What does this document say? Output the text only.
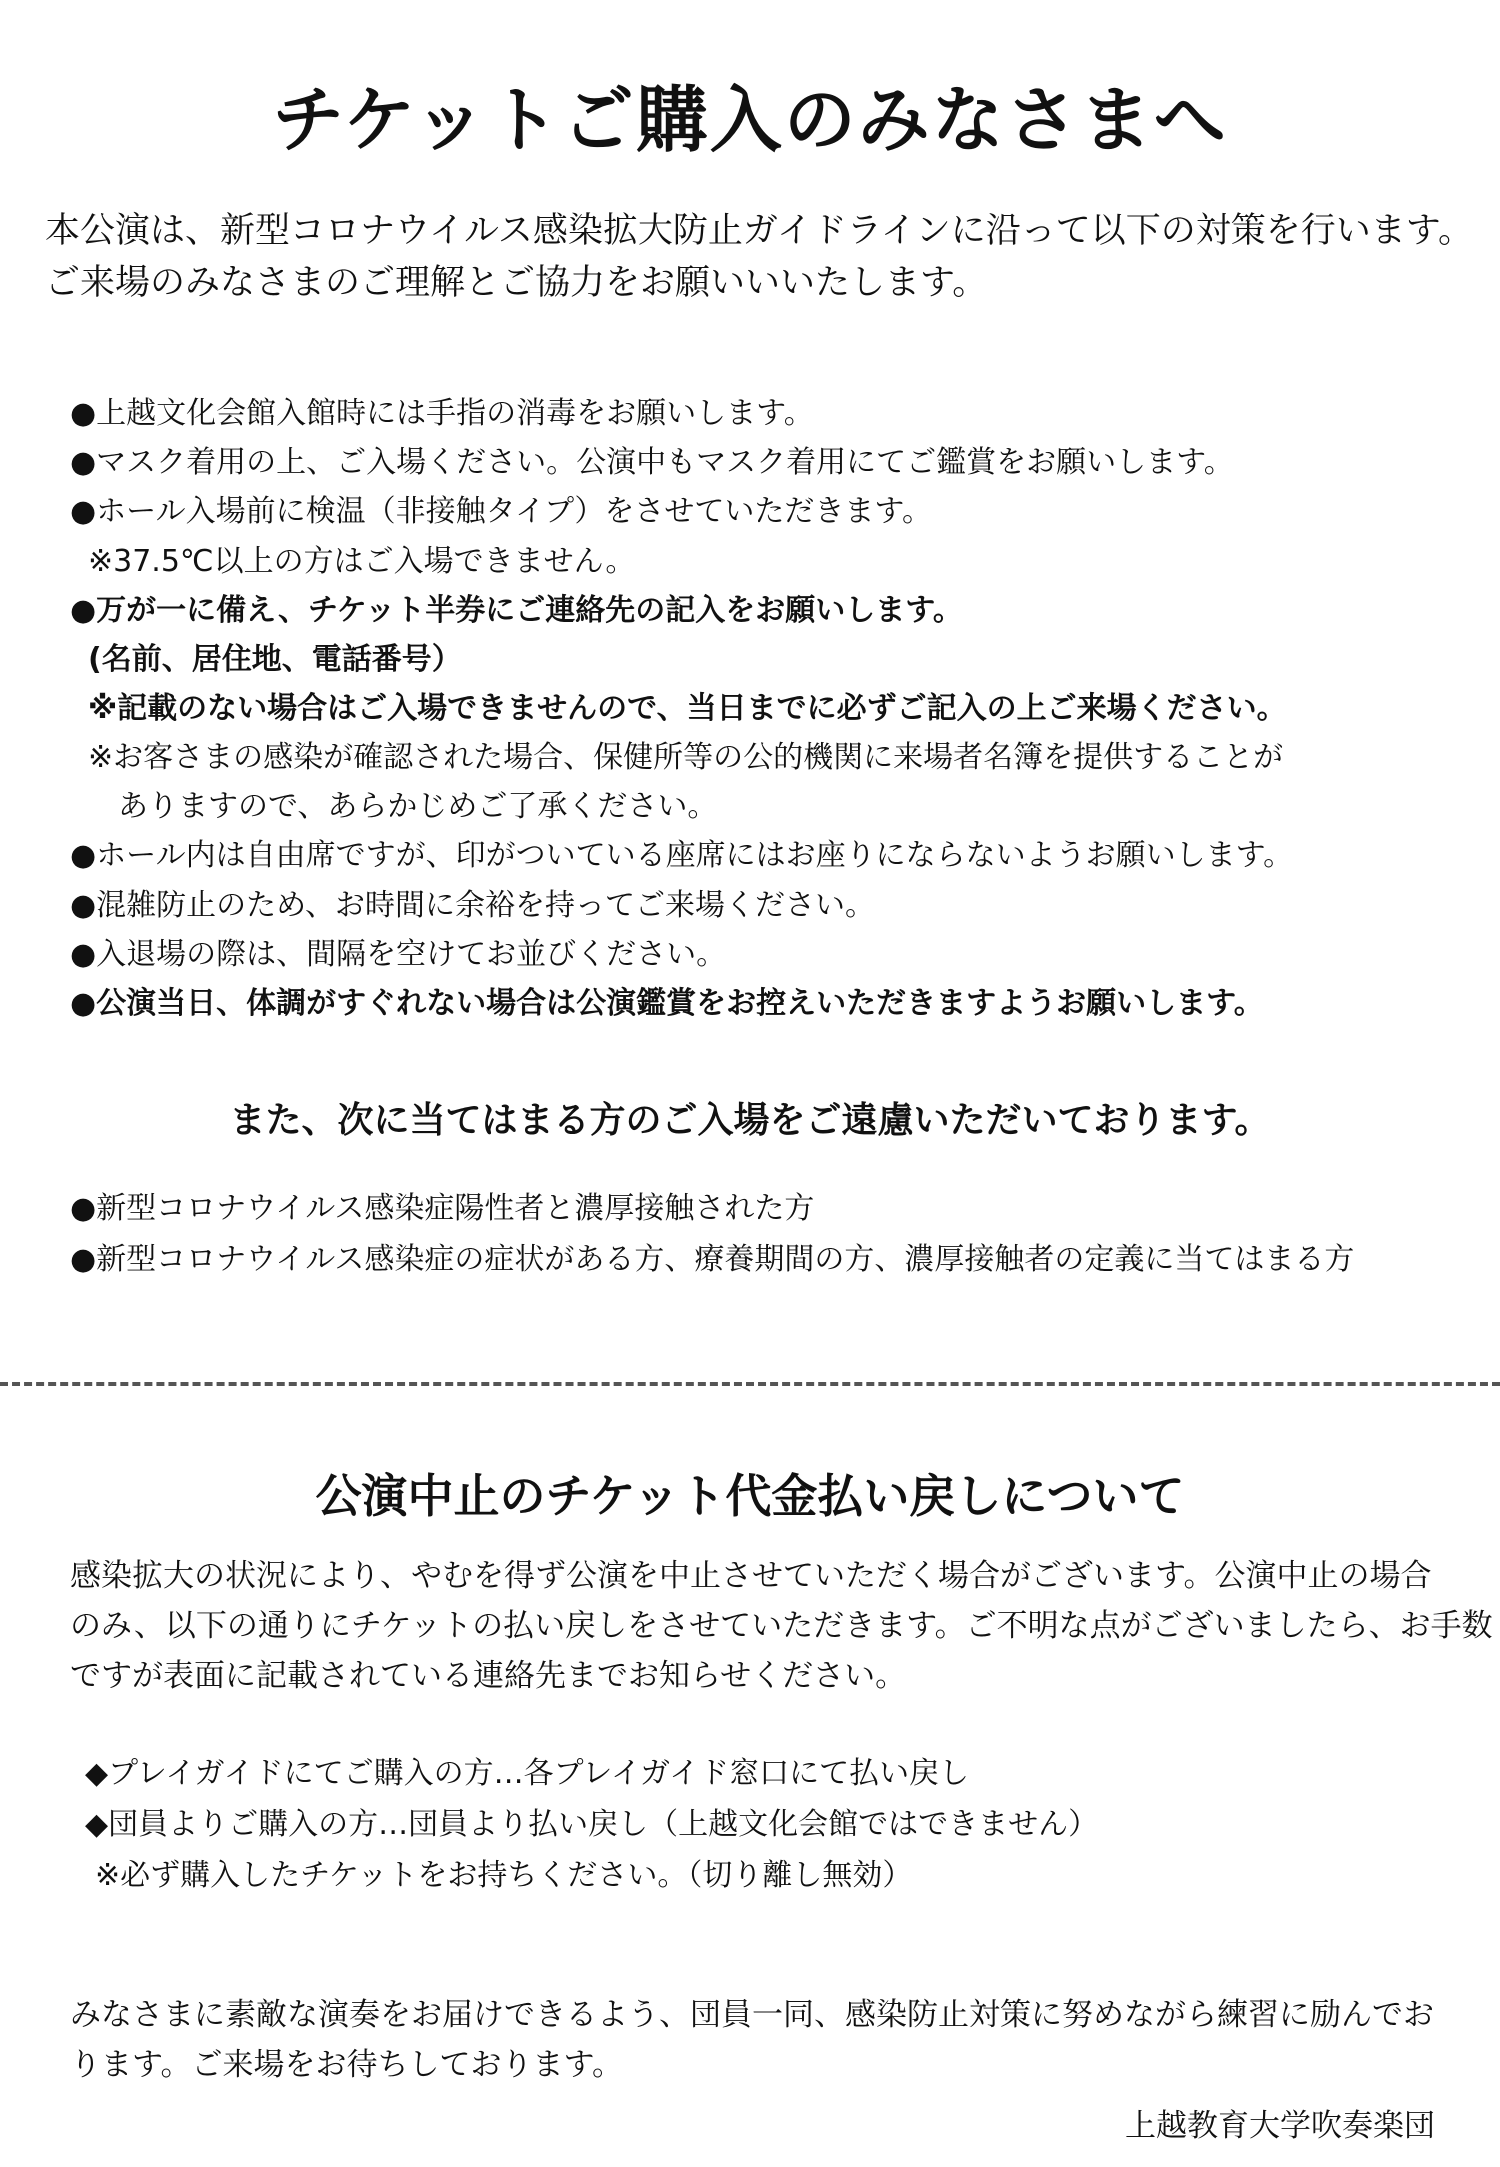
チケットご購入のみなさまへ
本公演は、新型コロナウイルス感染拡大防止ガイドラインに沿って以下の対策を行います。
ご来場のみなさまのご理解とご協力をお願いいいたします。
●上越文化会館入館時には手指の消毒をお願いします。
●マスク着用の上、ご入場ください。公演中もマスク着用にてご鑑賞をお願いします。
●ホール入場前に検温（非接触タイプ）をさせていただきます。
※37.5℃以上の方はご入場できません。
●万が一に備え、チケット半券にご連絡先の記入をお願いします。
(名前、居住地、電話番号）
※記載のない場合はご入場できませんので、当日までに必ずご記入の上ご来場ください。
※お客さまの感染が確認された場合、保健所等の公的機関に来場者名簿を提供することが
ありますので、あらかじめご了承ください。
●ホール内は自由席ですが、印がついている座席にはお座りにならないようお願いします。
●混雑防止のため、お時間に余裕を持ってご来場ください。
●入退場の際は、間隔を空けてお並びください。
●公演当日、体調がすぐれない場合は公演鑑賞をお控えいただきますようお願いします。
また、次に当てはまる方のご入場をご遠慮いただいております。
●新型コロナウイルス感染症陽性者と濃厚接触された方
●新型コロナウイルス感染症の症状がある方、療養期間の方、濃厚接触者の定義に当てはまる方
公演中止のチケット代金払い戻しについて
感染拡大の状況により、やむを得ず公演を中止させていただく場合がございます。公演中止の場合
のみ、以下の通りにチケットの払い戻しをさせていただきます。ご不明な点がございましたら、お手数
ですが表面に記載されている連絡先までお知らせください。
◆プレイガイドにてご購入の方…各プレイガイド窓口にて払い戻し
◆団員よりご購入の方…団員より払い戻し（上越文化会館ではできません）
※必ず購入したチケットをお持ちください。（切り離し無効）
みなさまに素敵な演奏をお届けできるよう、団員一同、感染防止対策に努めながら練習に励んでお
ります。ご来場をお待ちしております。
上越教育大学吹奏楽団
